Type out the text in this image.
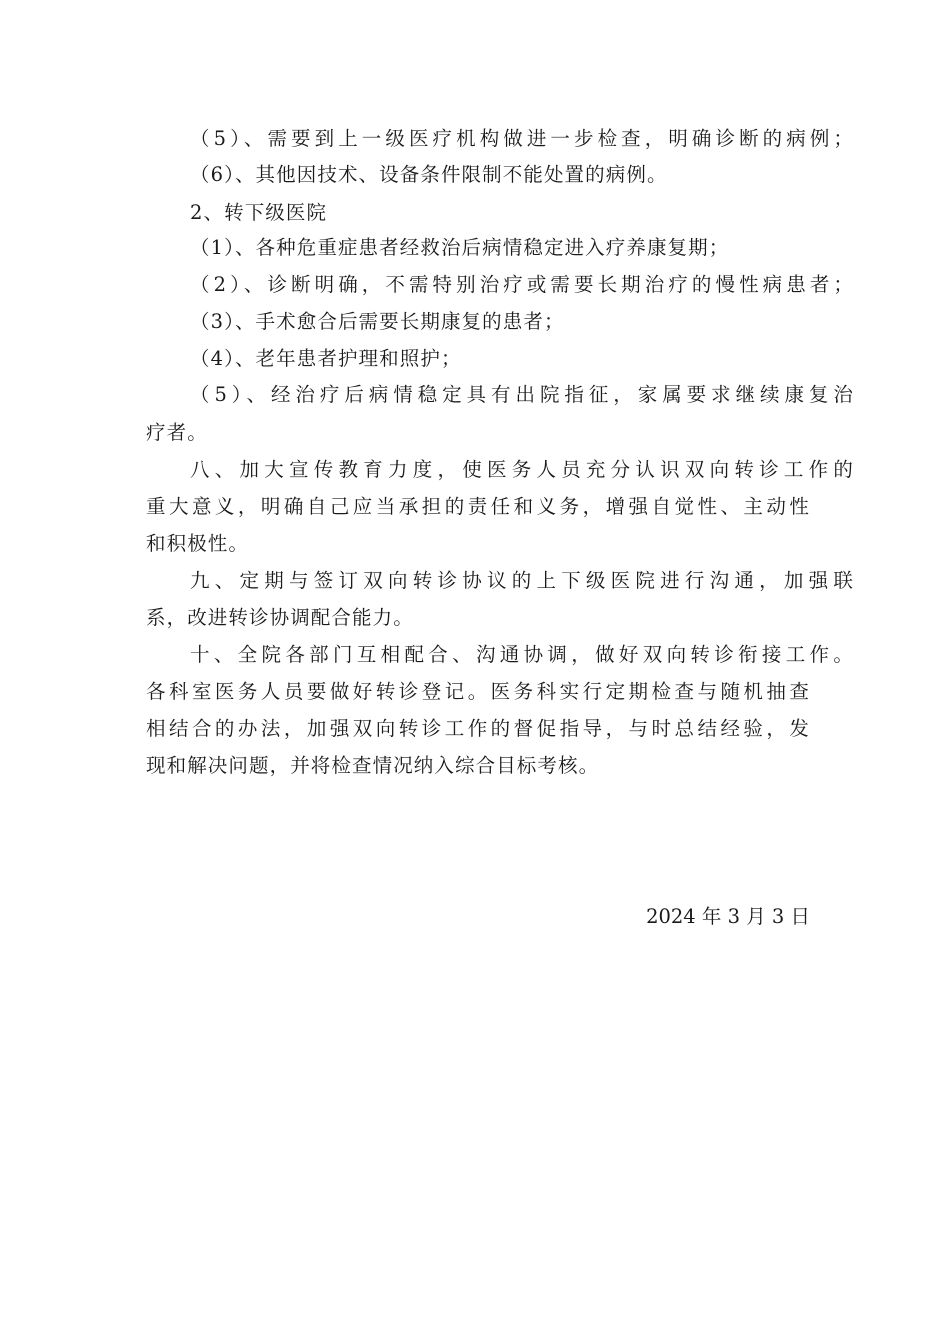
（5）、需要到上一级医疗机构做进一步检查，明确诊断的病例；
（6）、其他因技术、设备条件限制不能处置的病例。
2、转下级医院
（1）、各种危重症患者经救治后病情稳定进入疗养康复期；
（2）、诊断明确，不需特别治疗或需要长期治疗的慢性病患者；
（3）、手术愈合后需要长期康复的患者；
（4）、老年患者护理和照护；
（5）、经治疗后病情稳定具有出院指征，家属要求继续康复治
疗者。
八、加大宣传教育力度，使医务人员充分认识双向转诊工作的
重大意义，明确自己应当承担的责任和义务，增强自觉性、主动性
和积极性。
九、定期与签订双向转诊协议的上下级医院进行沟通，加强联
系，改进转诊协调配合能力。
十、全院各部门互相配合、沟通协调，做好双向转诊衔接工作。
各科室医务人员要做好转诊登记。医务科实行定期检查与随机抽查
相结合的办法，加强双向转诊工作的督促指导，与时总结经验，发
现和解决问题，并将检查情况纳入综合目标考核。
2024 年 3 月 3 日
